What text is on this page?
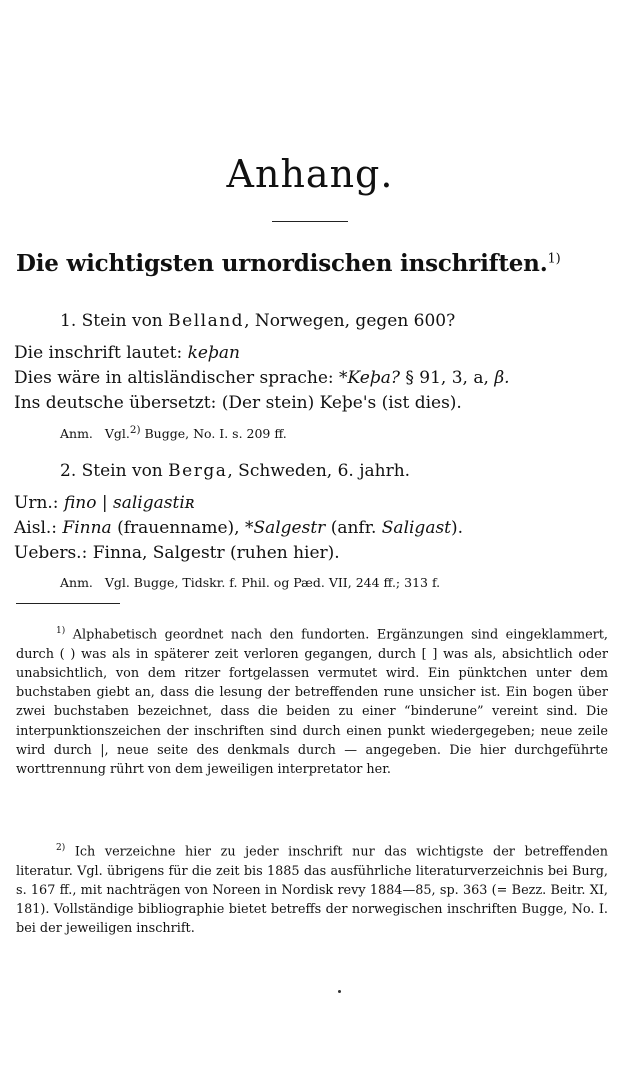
Anhang.
Die wichtigsten urnordischen inschriften.$^{1)}$
1. Stein von Belland, Norwegen, gegen 600?
Die inschrift lautet: keþan
Dies wäre in altisländischer sprache: *Keþa? § 91, 3, a, β.
Ins deutsche übersetzt: (Der stein) Keþe's (ist dies).
Anm. Vgl.$^{2)}$ Bugge, No. I. s. 209 ff.
2. Stein von Berga, Schweden, 6. jahrh.
Urn.: fino | saligastiʀ
Aisl.: Finna (frauenname), *Salgestr (anfr. Saligast).
Uebers.: Finna, Salgestr (ruhen hier).
Anm. Vgl. Bugge, Tidskr. f. Phil. og Pæd. VII, 244 ff.; 313 f.
$^{1)}$ Alphabetisch geordnet nach den fundorten. Ergänzungen sind eingeklammert, durch ( ) was als in späterer zeit verloren gegangen, durch [ ] was als, absichtlich oder unabsichtlich, von dem ritzer fortgelassen vermutet wird. Ein pünktchen unter dem buchstaben giebt an, dass die lesung der betreffenden rune unsicher ist. Ein bogen über zwei buchstaben bezeichnet, dass die beiden zu einer “binderune” vereint sind. Die interpunktionszeichen der inschriften sind durch einen punkt wiedergegeben; neue zeile wird durch |, neue seite des denkmals durch — angegeben. Die hier durchgeführte worttrennung rührt von dem jeweiligen interpretator her.
$^{2)}$ Ich verzeichne hier zu jeder inschrift nur das wichtigste der betreffenden literatur. Vgl. übrigens für die zeit bis 1885 das ausführliche literaturverzeichnis bei Burg, s. 167 ff., mit nachträgen von Noreen in Nordisk revy 1884—85, sp. 363 (= Bezz. Beitr. XI, 181). Vollständige bibliographie bietet betreffs der norwegischen inschriften Bugge, No. I. bei der jeweiligen inschrift.
